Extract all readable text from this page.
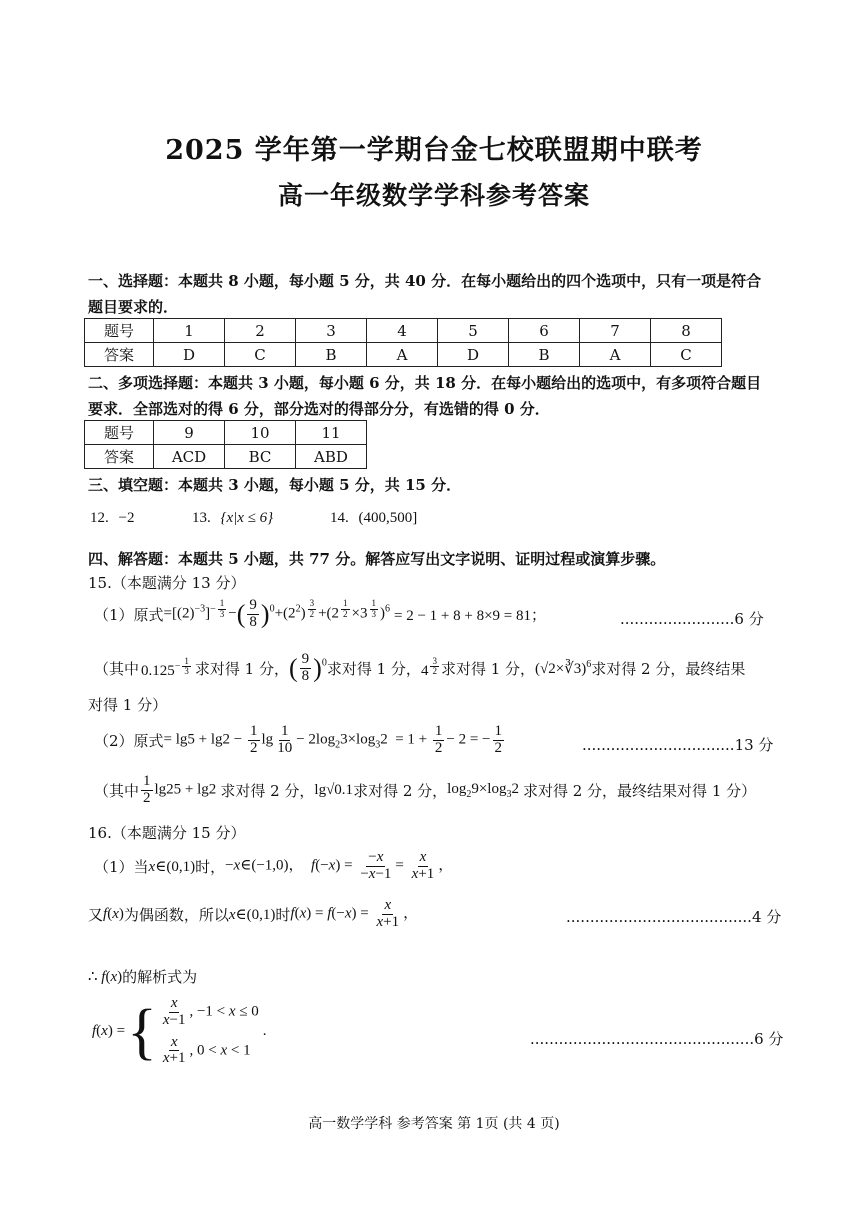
2025 学年第一学期台金七校联盟期中联考
高一年级数学学科参考答案
一、选择题：本题共 8 小题，每小题 5 分，共 40 分．在每小题给出的四个选项中，只有一项是符合
题目要求的．
题号	1	2	3	4	5	6	7	8
答案	D	C	B	A	D	B	A	C
二、多项选择题：本题共 3 小题，每小题 6 分，共 18 分．在每小题给出的选项中，有多项符合题目
要求．全部选对的得 6 分，部分选对的得部分分，有选错的得 0 分．
题号	9	10	11
答案	ACD	BC	ABD
三、填空题：本题共 3 小题，每小题 5 分，共 15 分．
12. −2	13. {x|x ≤ 6}	14. (400,500]
四、解答题：本题共 5 小题，共 77 分。解答应写出文字说明、证明过程或演算步骤。
15.（本题满分 13 分）
（1）原式 $=[(2)^{-3}]^{- \frac{1}{3}}$ −( $\frac{9}{8} )^0+(2^2)$ $^{\frac{3}{2}}$ +(2 $^{\frac{1}{2}}$ ×3 $^{\frac{1}{3}}$ )$^6$ = 2 − 1 + 8 + 8×9 = 81；	........................6 分
（其中 $0.125^{- \frac{1}{3}}$ 求对得 1 分， ( $\frac{9}{8} )^0$ 求对得 1 分， 4 $^{\frac{3}{2}}$ 求对得 1 分， (√2×∛3)$^6$ 求对得 2 分，最终结果
对得 1 分）
（2）原式 = $\lg 5 + \lg 2 - \frac{1}{2}$ $\lg \frac{1}{10} - 2\log_23\times\log_32 = 1 + \frac{1}{2} - 2$ = − $\frac{1}{2}$	................................13 分
（其中 $\frac{1}{2} \lg 25 + \lg 2$ 求对得 2 分， lg√0.1 求对得 2 分， $\log_29\times\log_32$ 求对得 2 分，最终结果对得 1 分）
16.（本题满分 15 分）
（1）当 x∈(0,1) 时， −x∈(−1,0)，  $f(-x) = \frac{-x}{-x-1} = \frac{x}{x+1}$ ，
又 f(x) 为偶函数，所以 x∈(0,1) 时 $f(x) = f(-x) = \frac{x}{x+1}$ ，	.......................................4 分
∴ f(x) 的解析式为
f(x) = { $\frac{x}{x-1}$ , −1 < x ≤ 0
$\frac{x}{x+1}$ , 0 < x < 1
.	...............................................6 分
高一数学学科 参考答案 第 1页 (共 4 页)
